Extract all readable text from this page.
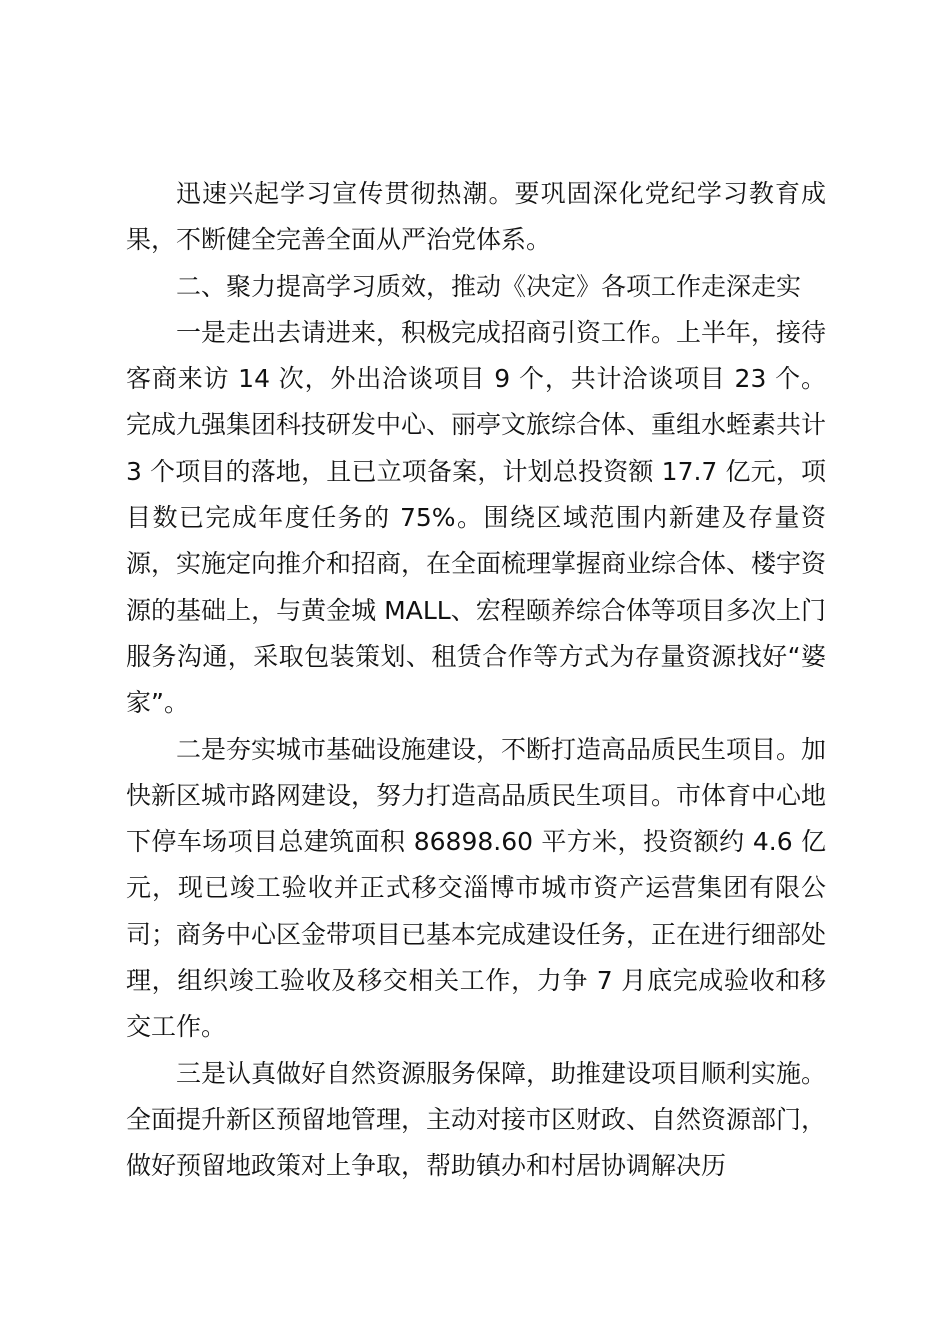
迅速兴起学习宣传贯彻热潮。要巩固深化党纪学习教育成果，不断健全完善全面从严治党体系。

二、聚力提高学习质效，推动《决定》各项工作走深走实

一是走出去请进来，积极完成招商引资工作。上半年，接待客商来访 14 次，外出洽谈项目 9 个，共计洽谈项目 23 个。完成九强集团科技研发中心、丽亭文旅综合体、重组水蛭素共计 3 个项目的落地，且已立项备案，计划总投资额 17.7 亿元，项目数已完成年度任务的 75%。围绕区域范围内新建及存量资源，实施定向推介和招商，在全面梳理掌握商业综合体、楼宇资源的基础上，与黄金城 MALL、宏程颐养综合体等项目多次上门服务沟通，采取包装策划、租赁合作等方式为存量资源找好“婆家”。

二是夯实城市基础设施建设，不断打造高品质民生项目。加快新区城市路网建设，努力打造高品质民生项目。市体育中心地下停车场项目总建筑面积 86898.60 平方米，投资额约 4.6 亿元，现已竣工验收并正式移交淄博市城市资产运营集团有限公司；商务中心区金带项目已基本完成建设任务，正在进行细部处理，组织竣工验收及移交相关工作，力争 7 月底完成验收和移交工作。

三是认真做好自然资源服务保障，助推建设项目顺利实施。全面提升新区预留地管理，主动对接市区财政、自然资源部门，做好预留地政策对上争取，帮助镇办和村居协调解决历
